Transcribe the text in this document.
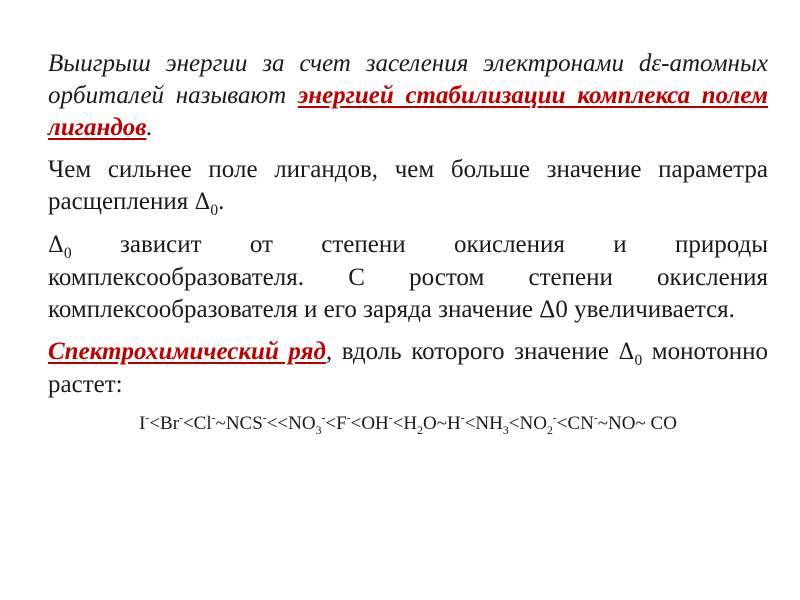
Выигрыш энергии за счет заселения электронами dε-атомных орбиталей называют энергией стабилизации комплекса полем лигандов.

Чем сильнее поле лигандов, чем больше значение параметра расщепления $\Delta_0$.

$\Delta_0$ зависит от степени окисления и природы комплексообразователя. С ростом степени окисления комплексообразователя и его заряда значение Δ0 увеличивается.

Спектрохимический ряд, вдоль которого значение $\Delta_0$ монотонно растет:

$I^-<Br^-<Cl^-\sim NCS^-<<NO_3^-<F^-<OH^-<H_2O\sim H^-<NH_3<NO_2^-<CN^-\sim NO\sim$ CO
